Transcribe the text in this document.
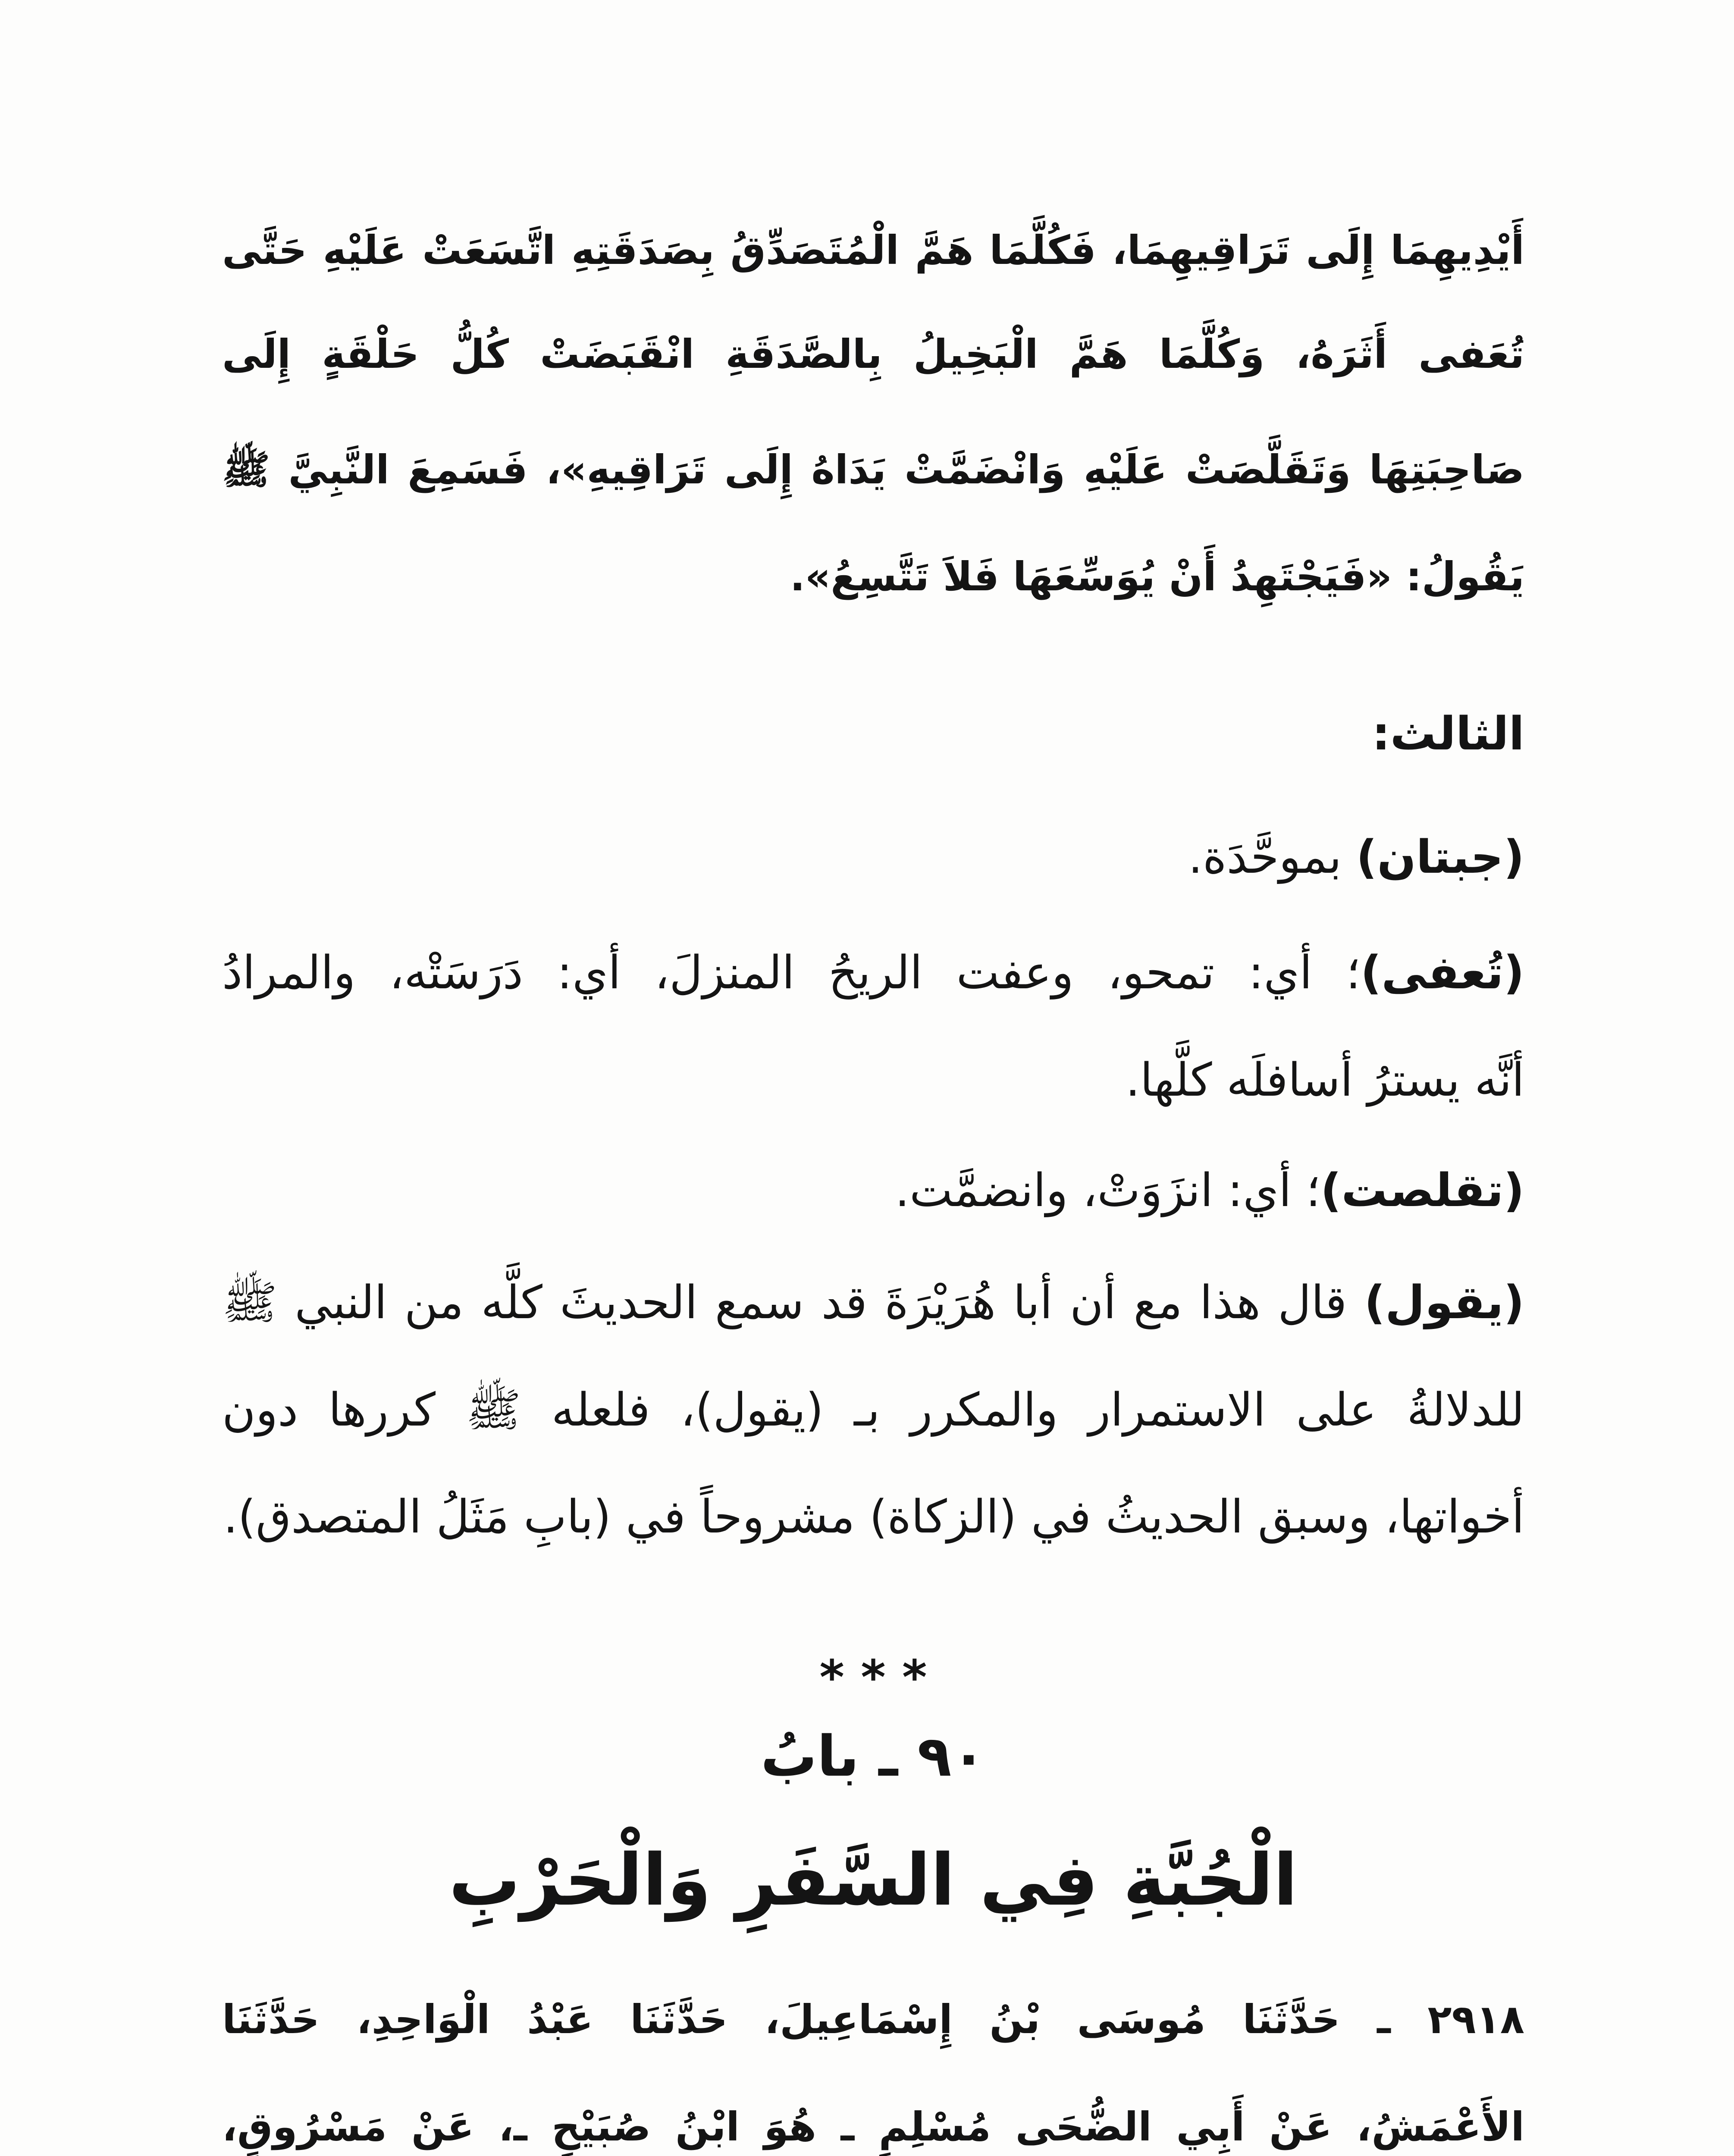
أَيْدِيهِمَا إِلَى تَرَاقِيهِمَا، فَكُلَّمَا هَمَّ الْمُتَصَدِّقُ بِصَدَقَتِهِ اتَّسَعَتْ عَلَيْهِ حَتَّى
تُعَفى أَثَرَهُ، وَكُلَّمَا هَمَّ الْبَخِيلُ بِالصَّدَقَةِ انْقَبَضَتْ كُلُّ حَلْقَةٍ إِلَى
صَاحِبَتِهَا وَتَقَلَّصَتْ عَلَيْهِ وَانْضَمَّتْ يَدَاهُ إِلَى تَرَاقِيهِ»، فَسَمِعَ النَّبِيَّ ﷺ
يَقُولُ: «فَيَجْتَهِدُ أَنْ يُوَسِّعَهَا فَلاَ تَتَّسِعُ».
الثالث:
(جبتان) بموحَّدَة.
(تُعفى)؛ أي: تمحو، وعفت الريحُ المنزلَ، أي: دَرَسَتْه، والمرادُ
أنَّه يسترُ أسافلَه كلَّها.
(تقلصت)؛ أي: انزَوَتْ، وانضمَّت.
(يقول) قال هذا مع أن أبا هُرَيْرَةَ قد سمع الحديثَ كلَّه من النبي ﷺ
للدلالةُ على الاستمرار والمكرر بـ (يقول)، فلعله ﷺ كررها دون
أخواتها، وسبق الحديثُ في (الزكاة) مشروحاً في (بابِ مَثَلُ المتصدق).
* * *
٩٠ ـ بابُ
الْجُبَّةِ فِي السَّفَرِ وَالْحَرْبِ
٢٩١٨ ـ حَدَّثَنَا مُوسَى بْنُ إِسْمَاعِيلَ، حَدَّثَنَا عَبْدُ الْوَاحِدِ، حَدَّثَنَا
الأَعْمَشُ، عَنْ أَبِي الضُّحَى مُسْلِمٍ ـ هُوَ ابْنُ صُبَيْحٍ ـ، عَنْ مَسْرُوقٍ،
